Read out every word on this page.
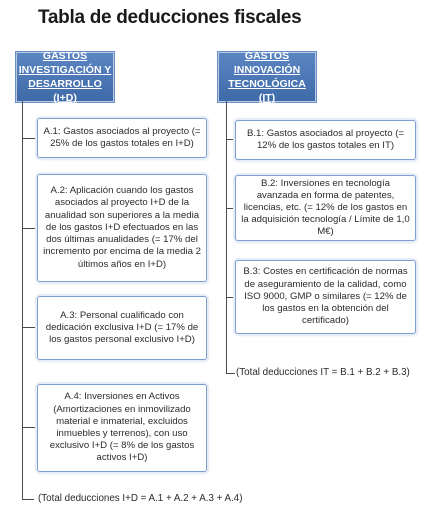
Tabla de deducciones fiscales
GASTOS INVESTIGACIÓN Y DESARROLLO (I+D)
GASTOS INNOVACIÓN TECNOLÓGICA (IT)
A.1: Gastos asociados al proyecto (= 25% de los gastos totales en I+D)
A.2: Aplicación cuando los gastos asociados al proyecto I+D de la anualidad son superiores a la media de los gastos I+D efectuados en las dos últimas anualidades (= 17% del incremento por encima de la media 2 últimos años en I+D)
A.3: Personal cualificado con dedicación exclusiva I+D (= 17% de los gastos personal exclusivo I+D)
A.4: Inversiones en Activos (Amortizaciones en inmovilizado material e inmaterial, excluidos inmuebles y terrenos), con uso exclusivo I+D (= 8% de los gastos activos I+D)
B.1: Gastos asociados al proyecto (= 12% de los gastos totales en IT)
B.2: Inversiones en tecnología avanzada en forma de patentes, licencias, etc. (= 12% de los gastos en la adquisición tecnología / Límite de 1,0 M€)
B.3: Costes en certificación de normas de aseguramiento de la calidad, como ISO 9000, GMP o similares (= 12% de los gastos en la obtención del certificado)
(Total deducciones I+D = A.1 + A.2 + A.3 + A.4)
(Total deducciones IT = B.1 + B.2 + B.3)
